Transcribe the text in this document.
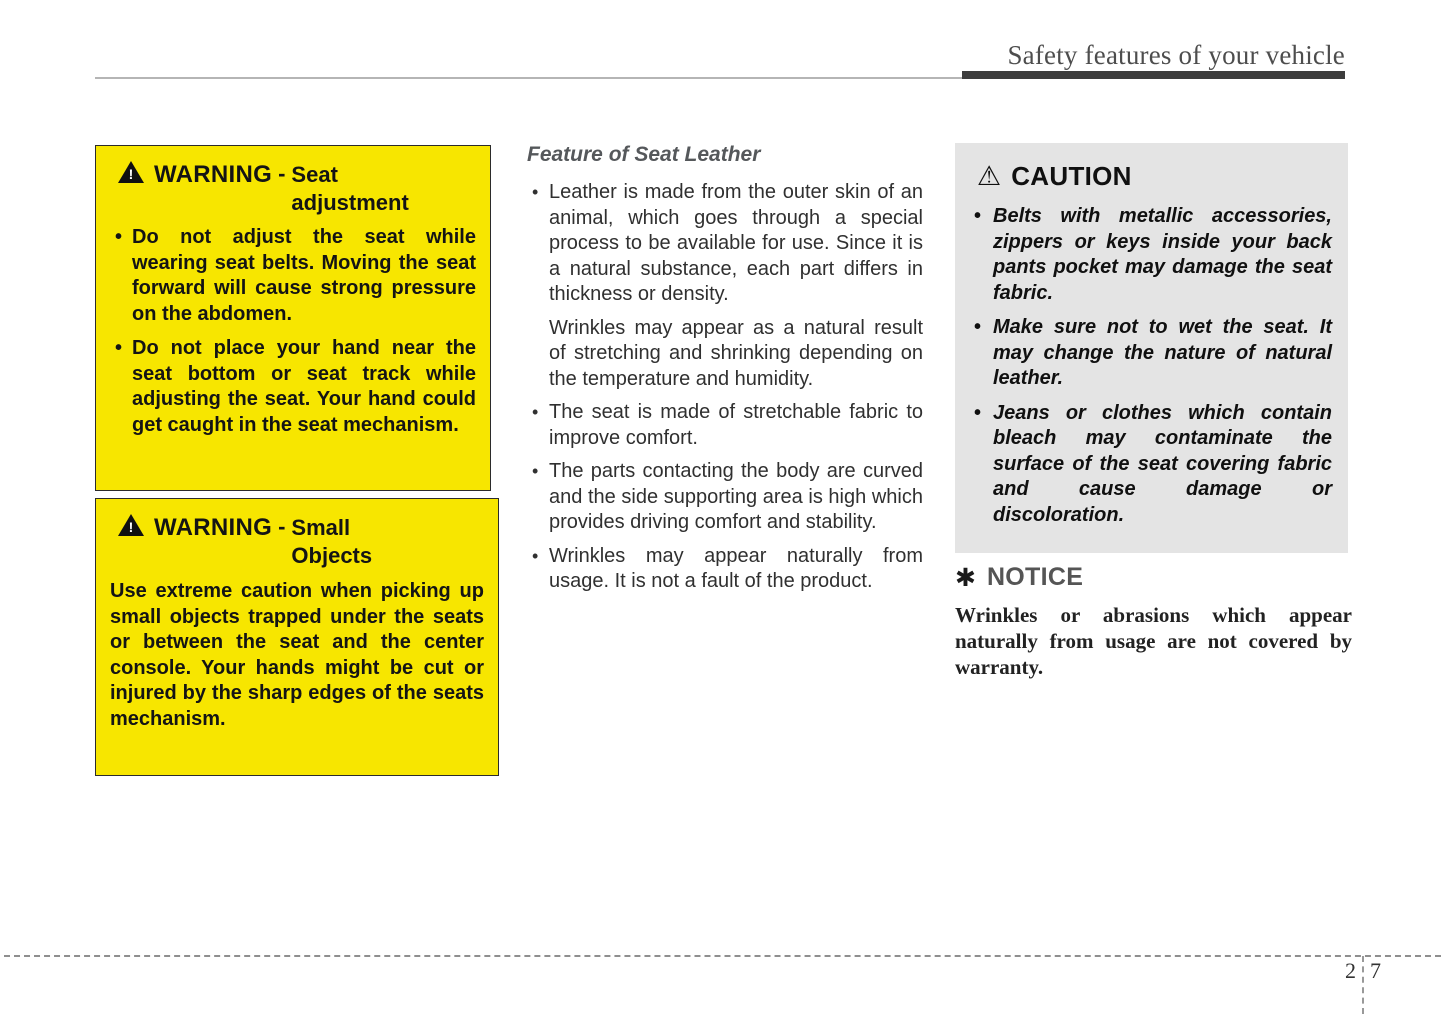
Safety features of your vehicle
!WARNING - Seat adjustment
• Do not adjust the seat while wearing seat belts. Moving the seat forward will cause strong pressure on the abdomen.
• Do not place your hand near the seat bottom or seat track while adjusting the seat. Your hand could get caught in the seat mechanism.
!WARNING - Small Objects
Use extreme caution when picking up small objects trapped under the seats or between the seat and the center console. Your hands might be cut or injured by the sharp edges of the seats mechanism.
Feature of Seat Leather
• Leather is made from the outer skin of an animal, which goes through a special process to be available for use. Since it is a natural substance, each part differs in thickness or density.
Wrinkles may appear as a natural result of stretching and shrinking depending on the temperature and humidity.
• The seat is made of stretchable fabric to improve comfort.
• The parts contacting the body are curved and the side supporting area is high which provides driving comfort and stability.
• Wrinkles may appear naturally from usage. It is not a fault of the product.
⚠ CAUTION
• Belts with metallic accessories, zippers or keys inside your back pants pocket may damage the seat fabric.
• Make sure not to wet the seat. It may change the nature of natural leather.
• Jeans or clothes which contain bleach may contaminate the surface of the seat covering fabric and cause damage or discoloration.
✱ NOTICE
Wrinkles or abrasions which appear naturally from usage are not covered by warranty.
2 7
